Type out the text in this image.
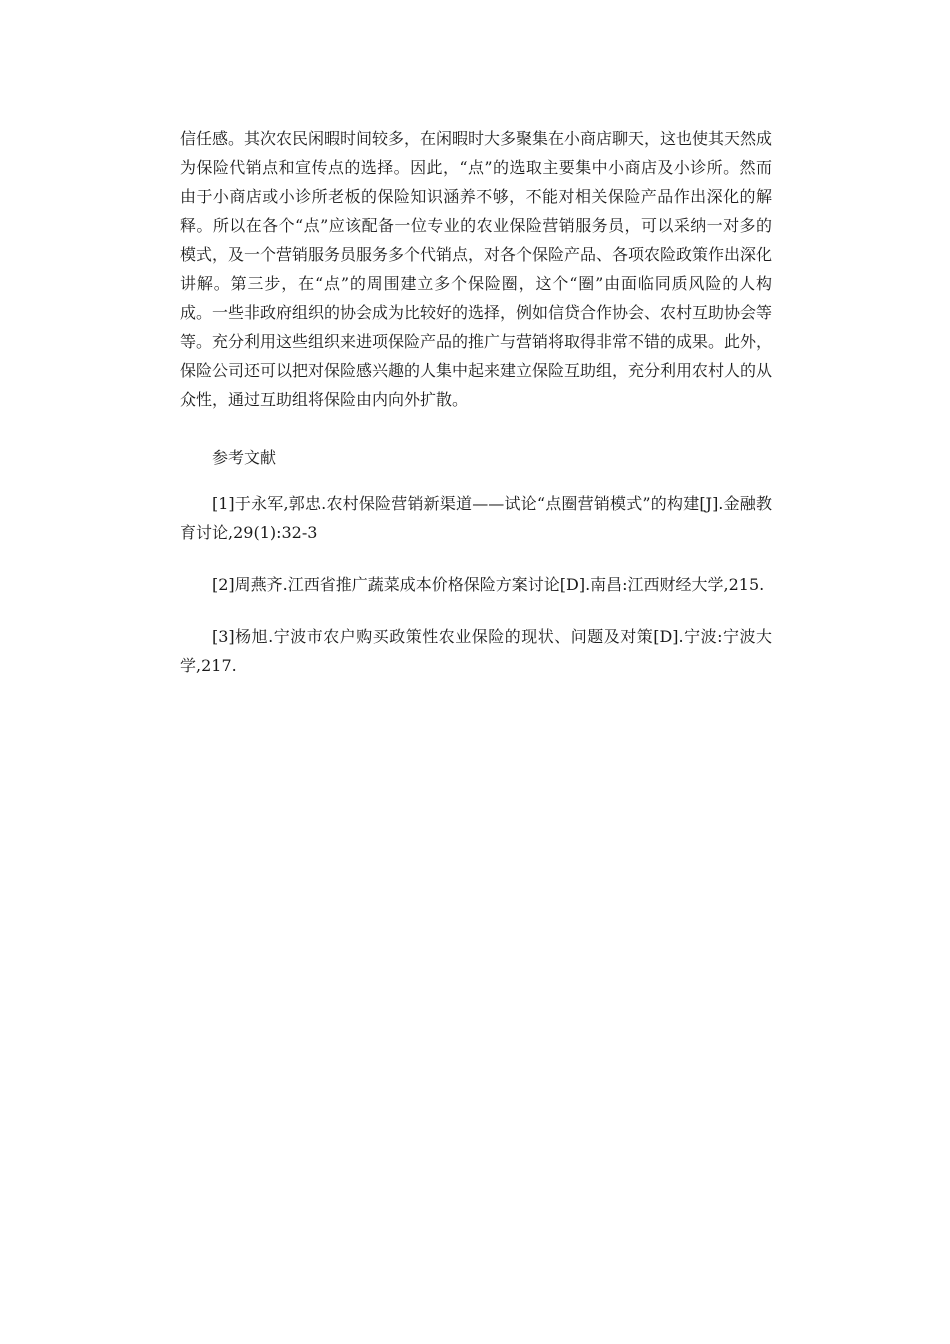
信任感。其次农民闲暇时间较多，在闲暇时大多聚集在小商店聊天，这也使其天然成为保险代销点和宣传点的选择。因此，“点”的选取主要集中小商店及小诊所。然而由于小商店或小诊所老板的保险知识涵养不够，不能对相关保险产品作出深化的解释。所以在各个“点”应该配备一位专业的农业保险营销服务员，可以采纳一对多的模式，及一个营销服务员服务多个代销点，对各个保险产品、各项农险政策作出深化讲解。第三步，在“点”的周围建立多个保险圈，这个“圈”由面临同质风险的人构成。一些非政府组织的协会成为比较好的选择，例如信贷合作协会、农村互助协会等等。充分利用这些组织来进项保险产品的推广与营销将取得非常不错的成果。此外，保险公司还可以把对保险感兴趣的人集中起来建立保险互助组，充分利用农村人的从众性，通过互助组将保险由内向外扩散。

参考文献

[1]于永军,郭忠.农村保险营销新渠道——试论“点圈营销模式”的构建[J].金融教育讨论,29(1):32-3

[2]周燕齐.江西省推广蔬菜成本价格保险方案讨论[D].南昌:江西财经大学,215.

[3]杨旭.宁波市农户购买政策性农业保险的现状、问题及对策[D].宁波:宁波大学,217.
